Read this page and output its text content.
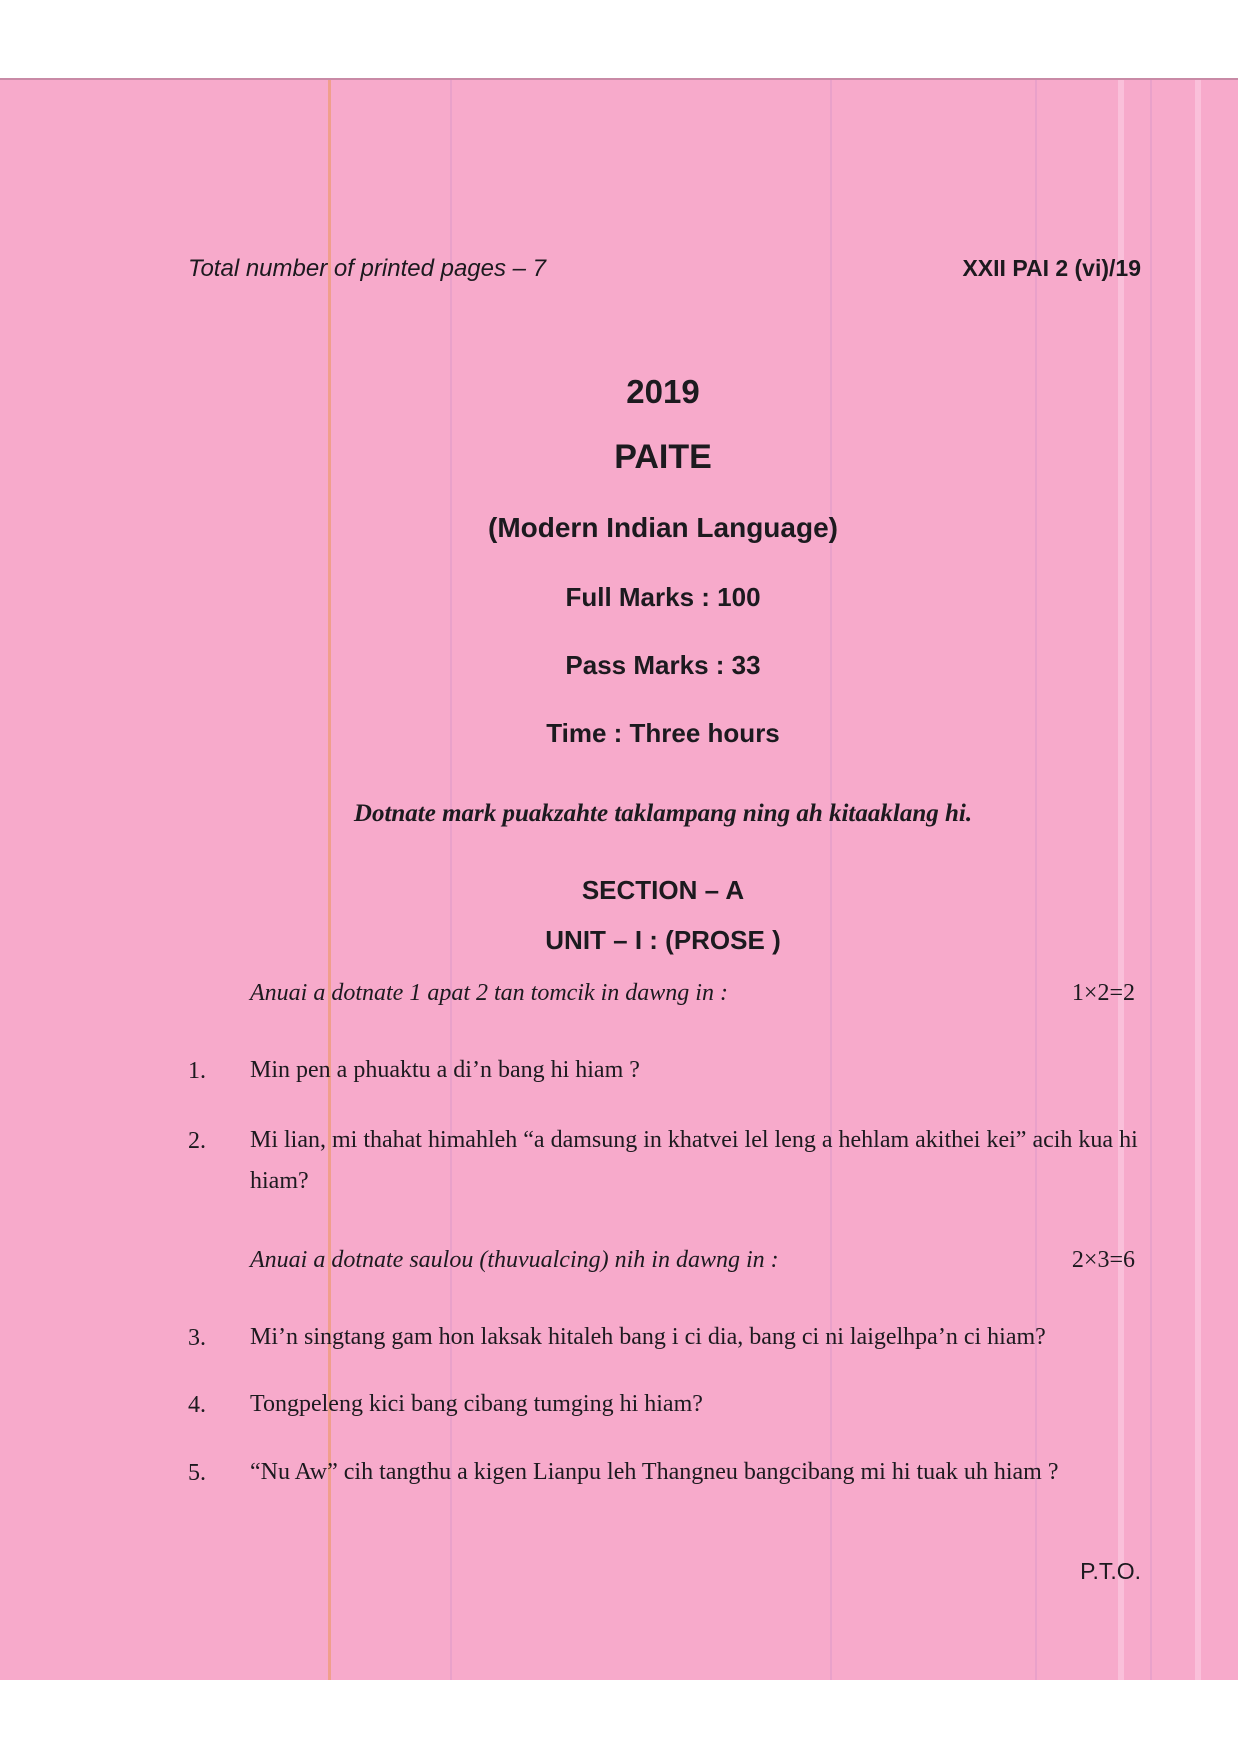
Total number of printed pages – 7	XXII PAI 2 (vi)/19

2019

PAITE

(Modern Indian Language)

Full Marks : 100

Pass Marks : 33

Time : Three hours

Dotnate mark puakzahte taklampang ning ah kitaaklang hi.

SECTION – A

UNIT – I : (PROSE )

Anuai a dotnate 1 apat 2 tan tomcik in dawng in :	1×2=2

1. Min pen a phuaktu a di’n bang hi hiam ?

2. Mi lian, mi thahat himahleh “a damsung in khatvei lel leng a hehlam akithei kei” acih kua hi hiam?

Anuai a dotnate saulou (thuvualcing) nih in dawng in :	2×3=6

3. Mi’n singtang gam hon laksak hitaleh bang i ci dia, bang ci ni laigelhpa’n ci hiam?

4. Tongpeleng kici bang cibang tumging hi hiam?

5. “Nu Aw” cih tangthu a kigen Lianpu leh Thangneu bangcibang mi hi tuak uh hiam ?

P.T.O.
